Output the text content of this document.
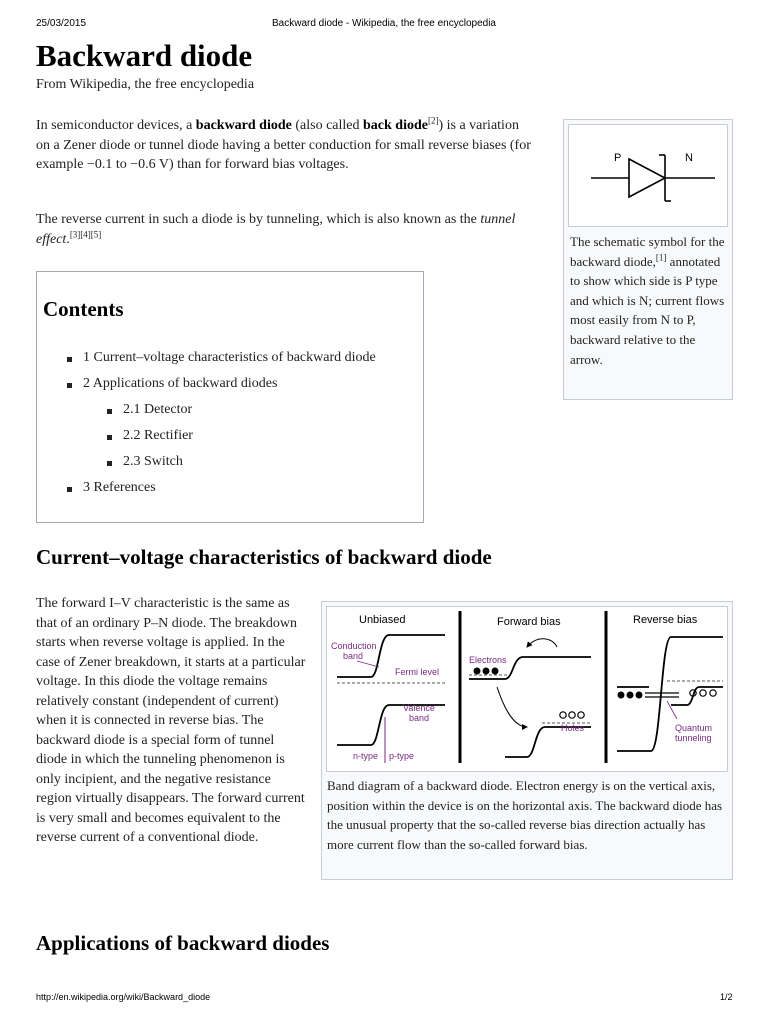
25/03/2015	Backward diode - Wikipedia, the free encyclopedia
Backward diode
From Wikipedia, the free encyclopedia

In semiconductor devices, a backward diode (also called back diode[2]) is a variation on a Zener diode or tunnel diode having a better conduction for small reverse biases (for example −0.1 to −0.6 V) than for forward bias voltages.

The reverse current in such a diode is by tunneling, which is also known as the tunnel effect.[3][4][5]

P	N
The schematic symbol for the backward diode,[1] annotated to show which side is P type and which is N; current flows most easily from N to P, backward relative to the arrow.
Contents
1 Current–voltage characteristics of backward diode
2 Applications of backward diodes
2.1 Detector
2.2 Rectifier
2.3 Switch
3 References
Current–voltage characteristics of backward diode

The forward I–V characteristic is the same as that of an ordinary P–N diode. The breakdown starts when reverse voltage is applied. In the case of Zener breakdown, it starts at a particular voltage. In this diode the voltage remains relatively constant (independent of current) when it is connected in reverse bias. The backward diode is a special form of tunnel diode in which the tunneling phenomenon is only incipient, and the negative resistance region virtually disappears. The forward current is very small and becomes equivalent to the reverse current of a conventional diode.

Unbiased
Conduction
band
Fermi level
Valence
band
n-type p-type
Forward bias
Electrons
Holes
Reverse bias
Quantum
tunneling
Band diagram of a backward diode. Electron energy is on the vertical axis, position within the device is on the horizontal axis. The backward diode has the unusual property that the so-called reverse bias direction actually has more current flow than the so-called forward bias.
Applications of backward diodes
http://en.wikipedia.org/wiki/Backward_diode	1/2
